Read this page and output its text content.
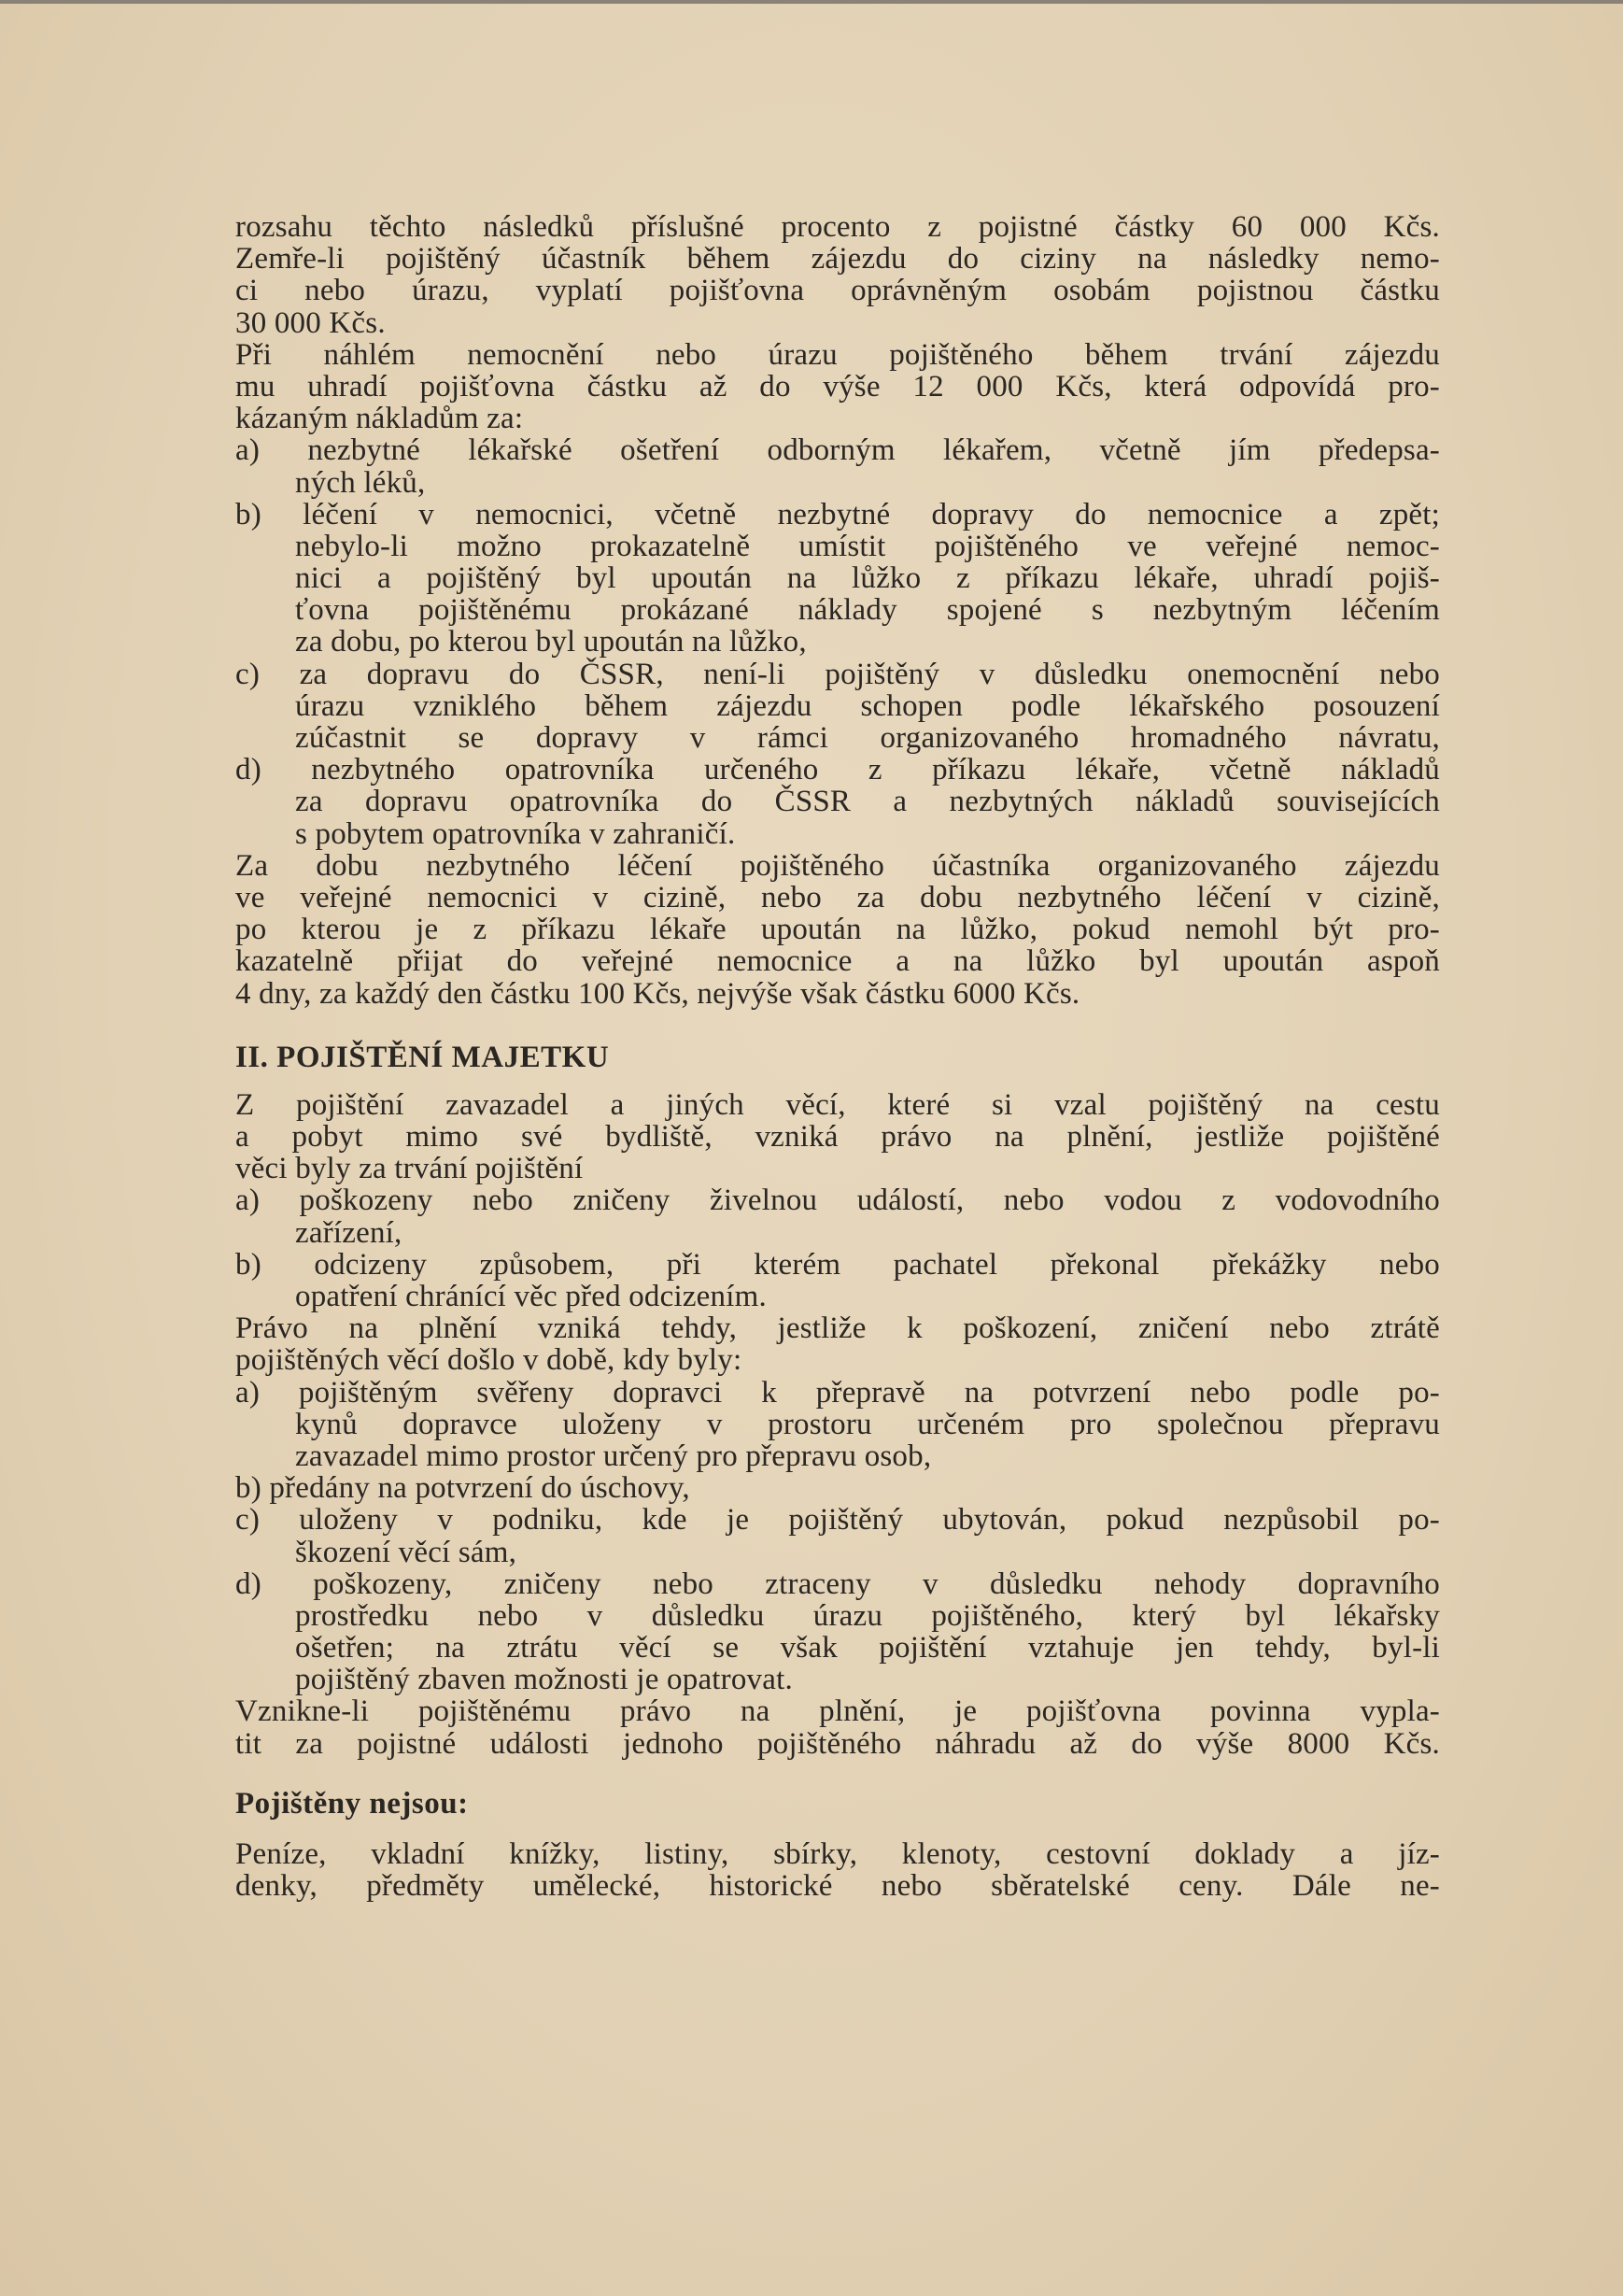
rozsahu těchto následků příslušné procento z pojistné částky 60 000 Kčs.
Zemře-li pojištěný účastník během zájezdu do ciziny na následky nemo-
ci nebo úrazu, vyplatí pojišťovna oprávněným osobám pojistnou částku
30 000 Kčs.
Při náhlém nemocnění nebo úrazu pojištěného během trvání zájezdu
mu uhradí pojišťovna částku až do výše 12 000 Kčs, která odpovídá pro-
kázaným nákladům za:
a) nezbytné lékařské ošetření odborným lékařem, včetně jím předepsa-
ných léků,
b) léčení v nemocnici, včetně nezbytné dopravy do nemocnice a zpět;
nebylo-li možno prokazatelně umístit pojištěného ve veřejné nemoc-
nici a pojištěný byl upoután na lůžko z příkazu lékaře, uhradí pojiš-
ťovna pojištěnému prokázané náklady spojené s nezbytným léčením
za dobu, po kterou byl upoután na lůžko,
c) za dopravu do ČSSR, není-li pojištěný v důsledku onemocnění nebo
úrazu vzniklého během zájezdu schopen podle lékařského posouzení
zúčastnit se dopravy v rámci organizovaného hromadného návratu,
d) nezbytného opatrovníka určeného z příkazu lékaře, včetně nákladů
za dopravu opatrovníka do ČSSR a nezbytných nákladů souvisejících
s pobytem opatrovníka v zahraničí.
Za dobu nezbytného léčení pojištěného účastníka organizovaného zájezdu
ve veřejné nemocnici v cizině, nebo za dobu nezbytného léčení v cizině,
po kterou je z příkazu lékaře upoután na lůžko, pokud nemohl být pro-
kazatelně přijat do veřejné nemocnice a na lůžko byl upoután aspoň
4 dny, za každý den částku 100 Kčs, nejvýše však částku 6000 Kčs.
II. POJIŠTĚNÍ MAJETKU
Z pojištění zavazadel a jiných věcí, které si vzal pojištěný na cestu
a pobyt mimo své bydliště, vzniká právo na plnění, jestliže pojištěné
věci byly za trvání pojištění
a) poškozeny nebo zničeny živelnou událostí, nebo vodou z vodovodního
zařízení,
b) odcizeny způsobem, při kterém pachatel překonal překážky nebo
opatření chránící věc před odcizením.
Právo na plnění vzniká tehdy, jestliže k poškození, zničení nebo ztrátě
pojištěných věcí došlo v době, kdy byly:
a) pojištěným svěřeny dopravci k přepravě na potvrzení nebo podle po-
kynů dopravce uloženy v prostoru určeném pro společnou přepravu
zavazadel mimo prostor určený pro přepravu osob,
b) předány na potvrzení do úschovy,
c) uloženy v podniku, kde je pojištěný ubytován, pokud nezpůsobil po-
škození věcí sám,
d) poškozeny, zničeny nebo ztraceny v důsledku nehody dopravního
prostředku nebo v důsledku úrazu pojištěného, který byl lékařsky
ošetřen; na ztrátu věcí se však pojištění vztahuje jen tehdy, byl-li
pojištěný zbaven možnosti je opatrovat.
Vznikne-li pojištěnému právo na plnění, je pojišťovna povinna vypla-
tit za pojistné události jednoho pojištěného náhradu až do výše 8000 Kčs.
Pojištěny nejsou:
Peníze, vkladní knížky, listiny, sbírky, klenoty, cestovní doklady a jíz-
denky, předměty umělecké, historické nebo sběratelské ceny. Dále ne-
